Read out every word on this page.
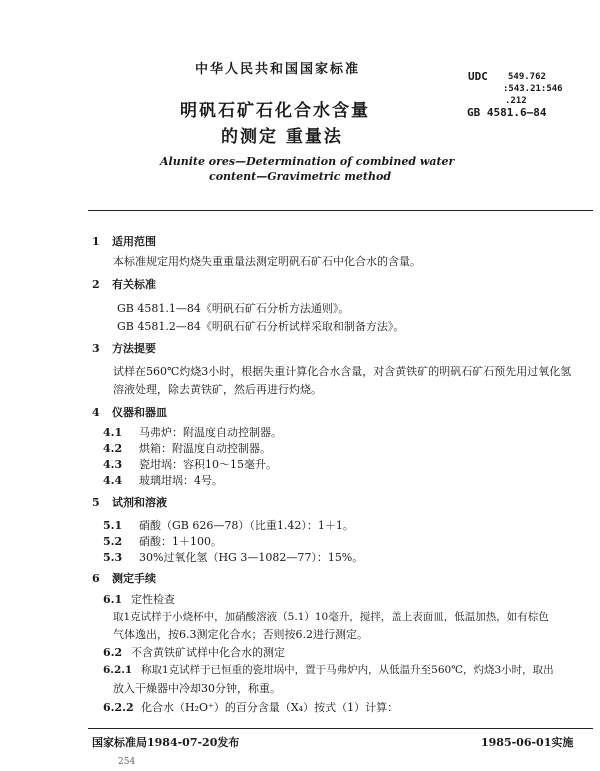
中华人民共和国国家标准	UDC 549.762
:543.21:546
.212
GB 4581.6—84
明矾石矿石化合水含量
的测定 重量法
Alunite ores—Determination of combined water
content—Gravimetric method
1 适用范围
本标准规定用灼烧失重重量法测定明矾石矿石中化合水的含量。
2 有关标准
GB 4581.1—84《明矾石矿石分析方法通则》。
GB 4581.2—84《明矾石矿石分析试样采取和制备方法》。
3 方法提要
试样在560℃灼烧3小时，根据失重计算化合水含量，对含黄铁矿的明矾石矿石预先用过氧化氢
溶液处理，除去黄铁矿，然后再进行灼烧。
4 仪器和器皿
4.1 马弗炉：附温度自动控制器。
4.2 烘箱：附温度自动控制器。
4.3 瓷坩埚：容积10～15毫升。
4.4 玻璃坩埚：4号。
5 试剂和溶液
5.1 硝酸（GB 626—78）（比重1.42）：1＋1。
5.2 硝酸：1＋100。
5.3 30%过氧化氢（HG 3—1082—77）：15%。
6 测定手续
6.1 定性检查
取1克试样于小烧杯中，加硝酸溶液（5.1）10毫升，搅拌，盖上表面皿，低温加热，如有棕色
气体逸出，按6.3测定化合水；否则按6.2进行测定。
6.2 不含黄铁矿试样中化合水的测定
6.2.1 称取1克试样于已恒重的瓷坩埚中，置于马弗炉内，从低温升至560℃，灼烧3小时，取出
放入干燥器中冷却30分钟，称重。
6.2.2 化合水（H₂O⁺）的百分含量（X₄）按式（1）计算：
国家标准局1984-07-20发布	1985-06-01实施
254
